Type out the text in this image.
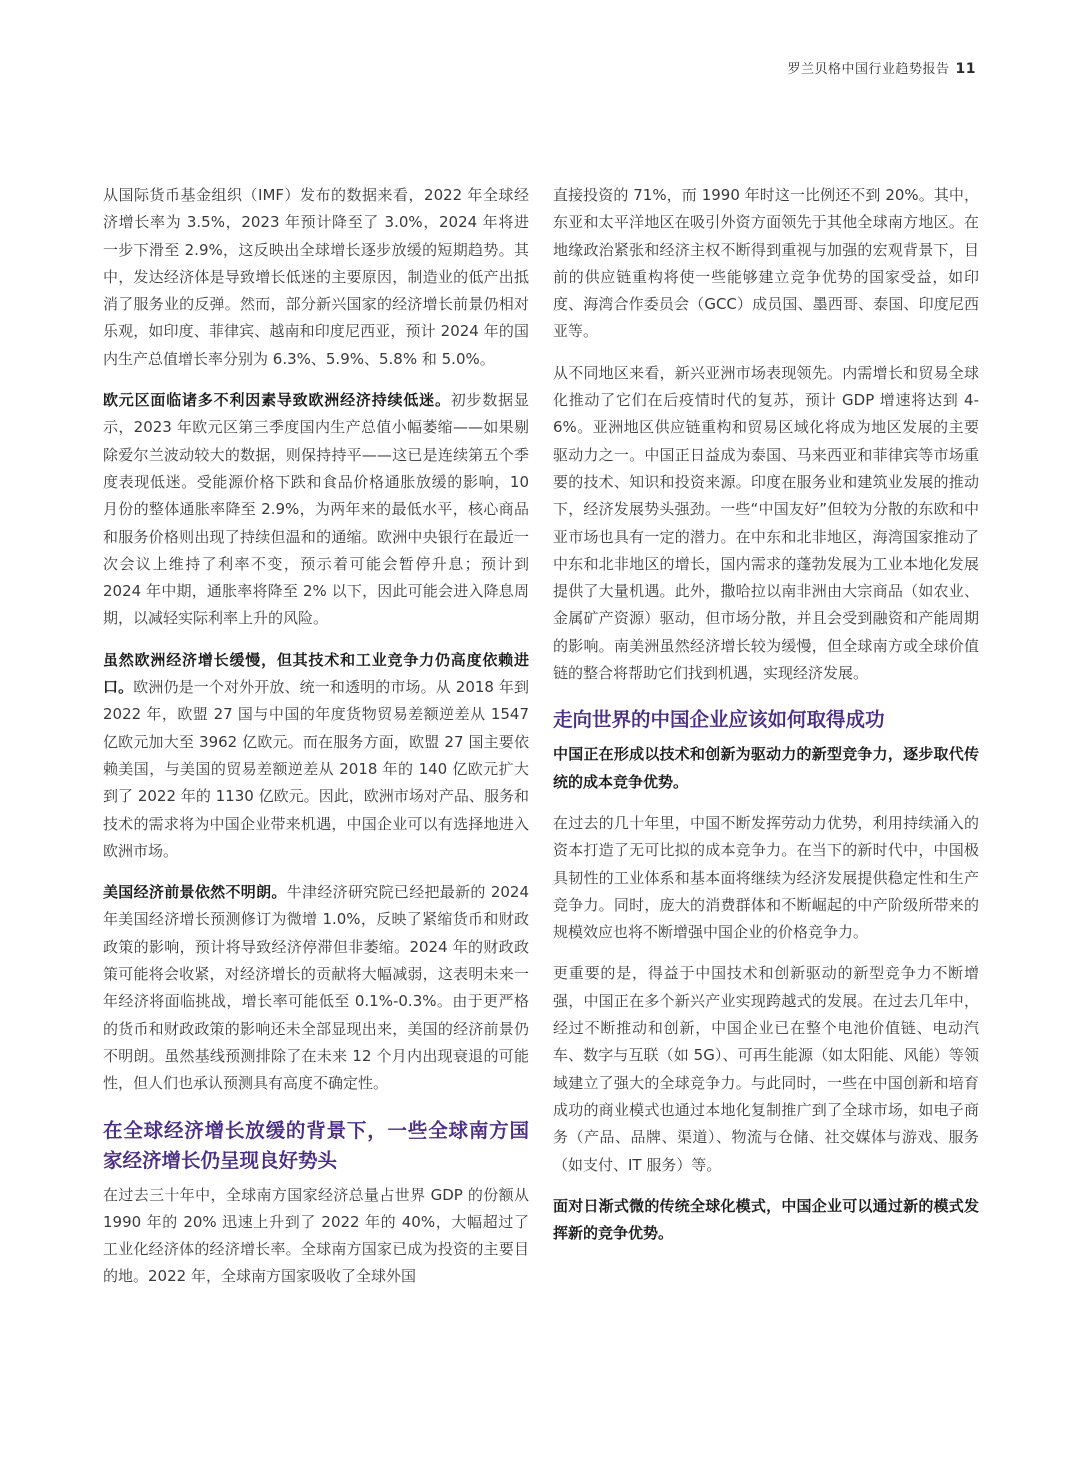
罗兰贝格中国行业趋势报告 11

从国际货币基金组织（IMF）发布的数据来看，2022 年全球经济增长率为 3.5%，2023 年预计降至了 3.0%，2024 年将进一步下滑至 2.9%，这反映出全球增长逐步放缓的短期趋势。其中，发达经济体是导致增长低迷的主要原因，制造业的低产出抵消了服务业的反弹。然而，部分新兴国家的经济增长前景仍相对乐观，如印度、菲律宾、越南和印度尼西亚，预计 2024 年的国内生产总值增长率分别为 6.3%、5.9%、5.8% 和 5.0%。

欧元区面临诸多不利因素导致欧洲经济持续低迷。初步数据显示，2023 年欧元区第三季度国内生产总值小幅萎缩——如果剔除爱尔兰波动较大的数据，则保持持平——这已是连续第五个季度表现低迷。受能源价格下跌和食品价格通胀放缓的影响，10 月份的整体通胀率降至 2.9%，为两年来的最低水平，核心商品和服务价格则出现了持续但温和的通缩。欧洲中央银行在最近一次会议上维持了利率不变，预示着可能会暂停升息；预计到 2024 年中期，通胀率将降至 2% 以下，因此可能会进入降息周期，以减轻实际利率上升的风险。

虽然欧洲经济增长缓慢，但其技术和工业竞争力仍高度依赖进口。欧洲仍是一个对外开放、统一和透明的市场。从 2018 年到 2022 年，欧盟 27 国与中国的年度货物贸易差额逆差从 1547 亿欧元加大至 3962 亿欧元。而在服务方面，欧盟 27 国主要依赖美国，与美国的贸易差额逆差从 2018 年的 140 亿欧元扩大到了 2022 年的 1130 亿欧元。因此，欧洲市场对产品、服务和技术的需求将为中国企业带来机遇，中国企业可以有选择地进入欧洲市场。

美国经济前景依然不明朗。牛津经济研究院已经把最新的 2024 年美国经济增长预测修订为微增 1.0%，反映了紧缩货币和财政政策的影响，预计将导致经济停滞但非萎缩。2024 年的财政政策可能将会收紧，对经济增长的贡献将大幅减弱，这表明未来一年经济将面临挑战，增长率可能低至 0.1%-0.3%。由于更严格的货币和财政政策的影响还未全部显现出来，美国的经济前景仍不明朗。虽然基线预测排除了在未来 12 个月内出现衰退的可能性，但人们也承认预测具有高度不确定性。

在全球经济增长放缓的背景下，一些全球南方国家经济增长仍呈现良好势头

在过去三十年中，全球南方国家经济总量占世界 GDP 的份额从 1990 年的 20% 迅速上升到了 2022 年的 40%，大幅超过了工业化经济体的经济增长率。全球南方国家已成为投资的主要目的地。2022 年，全球南方国家吸收了全球外国

直接投资的 71%，而 1990 年时这一比例还不到 20%。其中，东亚和太平洋地区在吸引外资方面领先于其他全球南方地区。在地缘政治紧张和经济主权不断得到重视与加强的宏观背景下，目前的供应链重构将使一些能够建立竞争优势的国家受益，如印度、海湾合作委员会（GCC）成员国、墨西哥、泰国、印度尼西亚等。

从不同地区来看，新兴亚洲市场表现领先。内需增长和贸易全球化推动了它们在后疫情时代的复苏，预计 GDP 增速将达到 4-6%。亚洲地区供应链重构和贸易区域化将成为地区发展的主要驱动力之一。中国正日益成为泰国、马来西亚和菲律宾等市场重要的技术、知识和投资来源。印度在服务业和建筑业发展的推动下，经济发展势头强劲。一些“中国友好”但较为分散的东欧和中亚市场也具有一定的潜力。在中东和北非地区，海湾国家推动了中东和北非地区的增长，国内需求的蓬勃发展为工业本地化发展提供了大量机遇。此外，撒哈拉以南非洲由大宗商品（如农业、金属矿产资源）驱动，但市场分散，并且会受到融资和产能周期的影响。南美洲虽然经济增长较为缓慢，但全球南方或全球价值链的整合将帮助它们找到机遇，实现经济发展。

走向世界的中国企业应该如何取得成功

中国正在形成以技术和创新为驱动力的新型竞争力，逐步取代传统的成本竞争优势。

在过去的几十年里，中国不断发挥劳动力优势，利用持续涌入的资本打造了无可比拟的成本竞争力。在当下的新时代中，中国极具韧性的工业体系和基本面将继续为经济发展提供稳定性和生产竞争力。同时，庞大的消费群体和不断崛起的中产阶级所带来的规模效应也将不断增强中国企业的价格竞争力。

更重要的是，得益于中国技术和创新驱动的新型竞争力不断增强，中国正在多个新兴产业实现跨越式的发展。在过去几年中，经过不断推动和创新，中国企业已在整个电池价值链、电动汽车、数字与互联（如 5G）、可再生能源（如太阳能、风能）等领域建立了强大的全球竞争力。与此同时，一些在中国创新和培育成功的商业模式也通过本地化复制推广到了全球市场，如电子商务（产品、品牌、渠道）、物流与仓储、社交媒体与游戏、服务（如支付、IT 服务）等。

面对日渐式微的传统全球化模式，中国企业可以通过新的模式发挥新的竞争优势。
